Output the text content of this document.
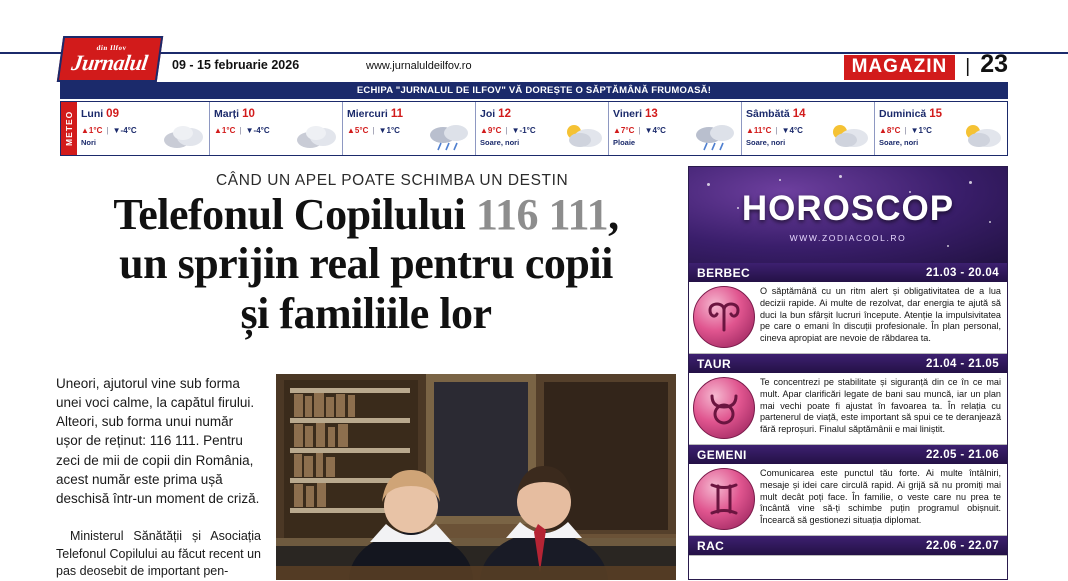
09 - 15 februarie 2026	www.jurnaluldeilfov.ro	MAGAZIN | 23
din Ilfov
Jurnalul
ECHIPA "JURNALUL DE ILFOV" VĂ DOREȘTE O SĂPTĂMÂNĂ FRUMOASĂ!
METEO Luni 09
▲1°C | ▼-4°C
Nori
Marți 10
▲1°C | ▼-4°C
Miercuri 11
▲5°C | ▼1°C
Joi 12
▲9°C | ▼-1°C
Soare, nori
Vineri 13
▲7°C | ▼4°C
Ploaie
Sâmbătă 14
▲11°C | ▼4°C
Soare, nori
Duminică 15
▲8°C | ▼1°C
Soare, nori
CÂND UN APEL POATE SCHIMBA UN DESTIN
Telefonul Copilului 116 111,
un sprijin real pentru copii
și familiile lor
Uneori, ajutorul vine sub forma unei voci calme, la capătul firului. Alteori, sub forma unui număr ușor de reținut: 116 111. Pentru zeci de mii de copii din România, acest număr este prima ușă deschisă într-un moment de criză.
Ministerul Sănătății și Asociația Telefonul Copilului au făcut recent un pas deosebit de important pen-
HOROSCOP
WWW.ZODIACOOL.RO
BERBEC	21.03 - 20.04
O săptămână cu un ritm alert și obligativitatea de a lua decizii rapide. Ai multe de rezolvat, dar energia te ajută să duci la bun sfârșit lucruri începute. Atenție la impulsivitatea pe care o emani în discuții profesionale. În plan personal, cineva apropiat are nevoie de răbdarea ta.
TAUR	21.04 - 21.05
Te concentrezi pe stabilitate și siguranță din ce în ce mai mult. Apar clarificări legate de bani sau muncă, iar un plan mai vechi poate fi ajustat în favoarea ta. În relația cu partenerul de viață, este important să spui ce te deranjează fără reproșuri. Finalul săptămânii e mai liniștit.
GEMENI	22.05 - 21.06
Comunicarea este punctul tău forte. Ai multe întâlniri, mesaje și idei care circulă rapid. Ai grijă să nu promiți mai mult decât poți face. În familie, o veste care nu prea te încântă vine să-ți schimbe puțin programul obișnuit. Încearcă să gestionezi situația diplomat.
RAC	22.06 - 22.07
